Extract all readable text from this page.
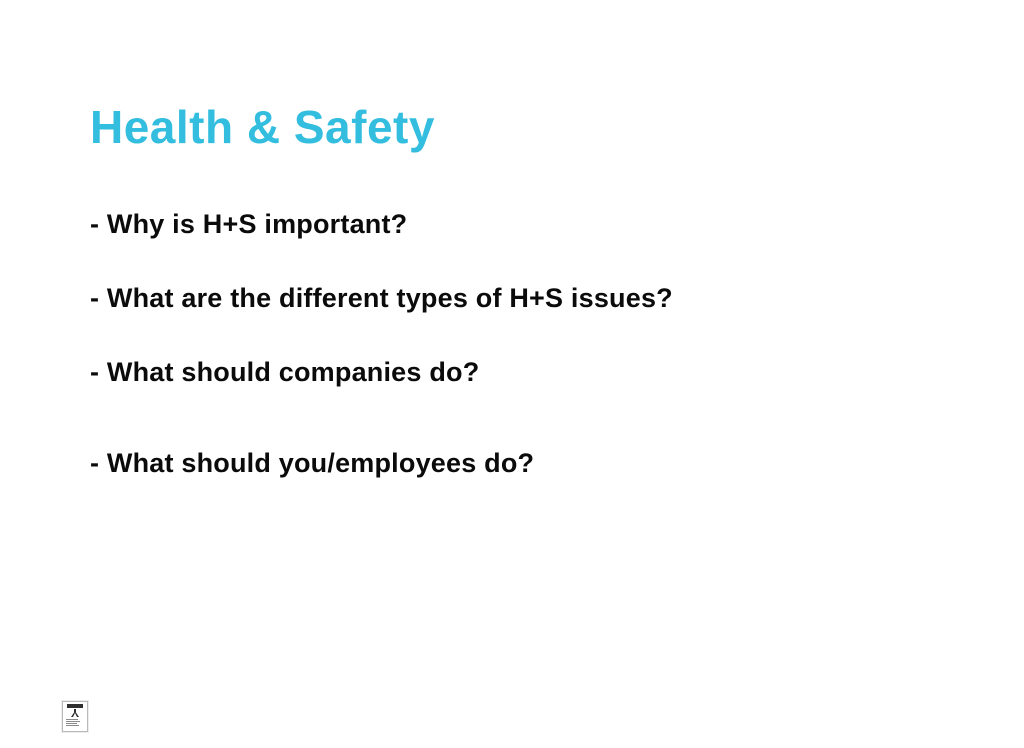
Health & Safety

- Why is H+S important?

- What are the different types of H+S issues?

- What should companies do?

- What should you/employees do?
